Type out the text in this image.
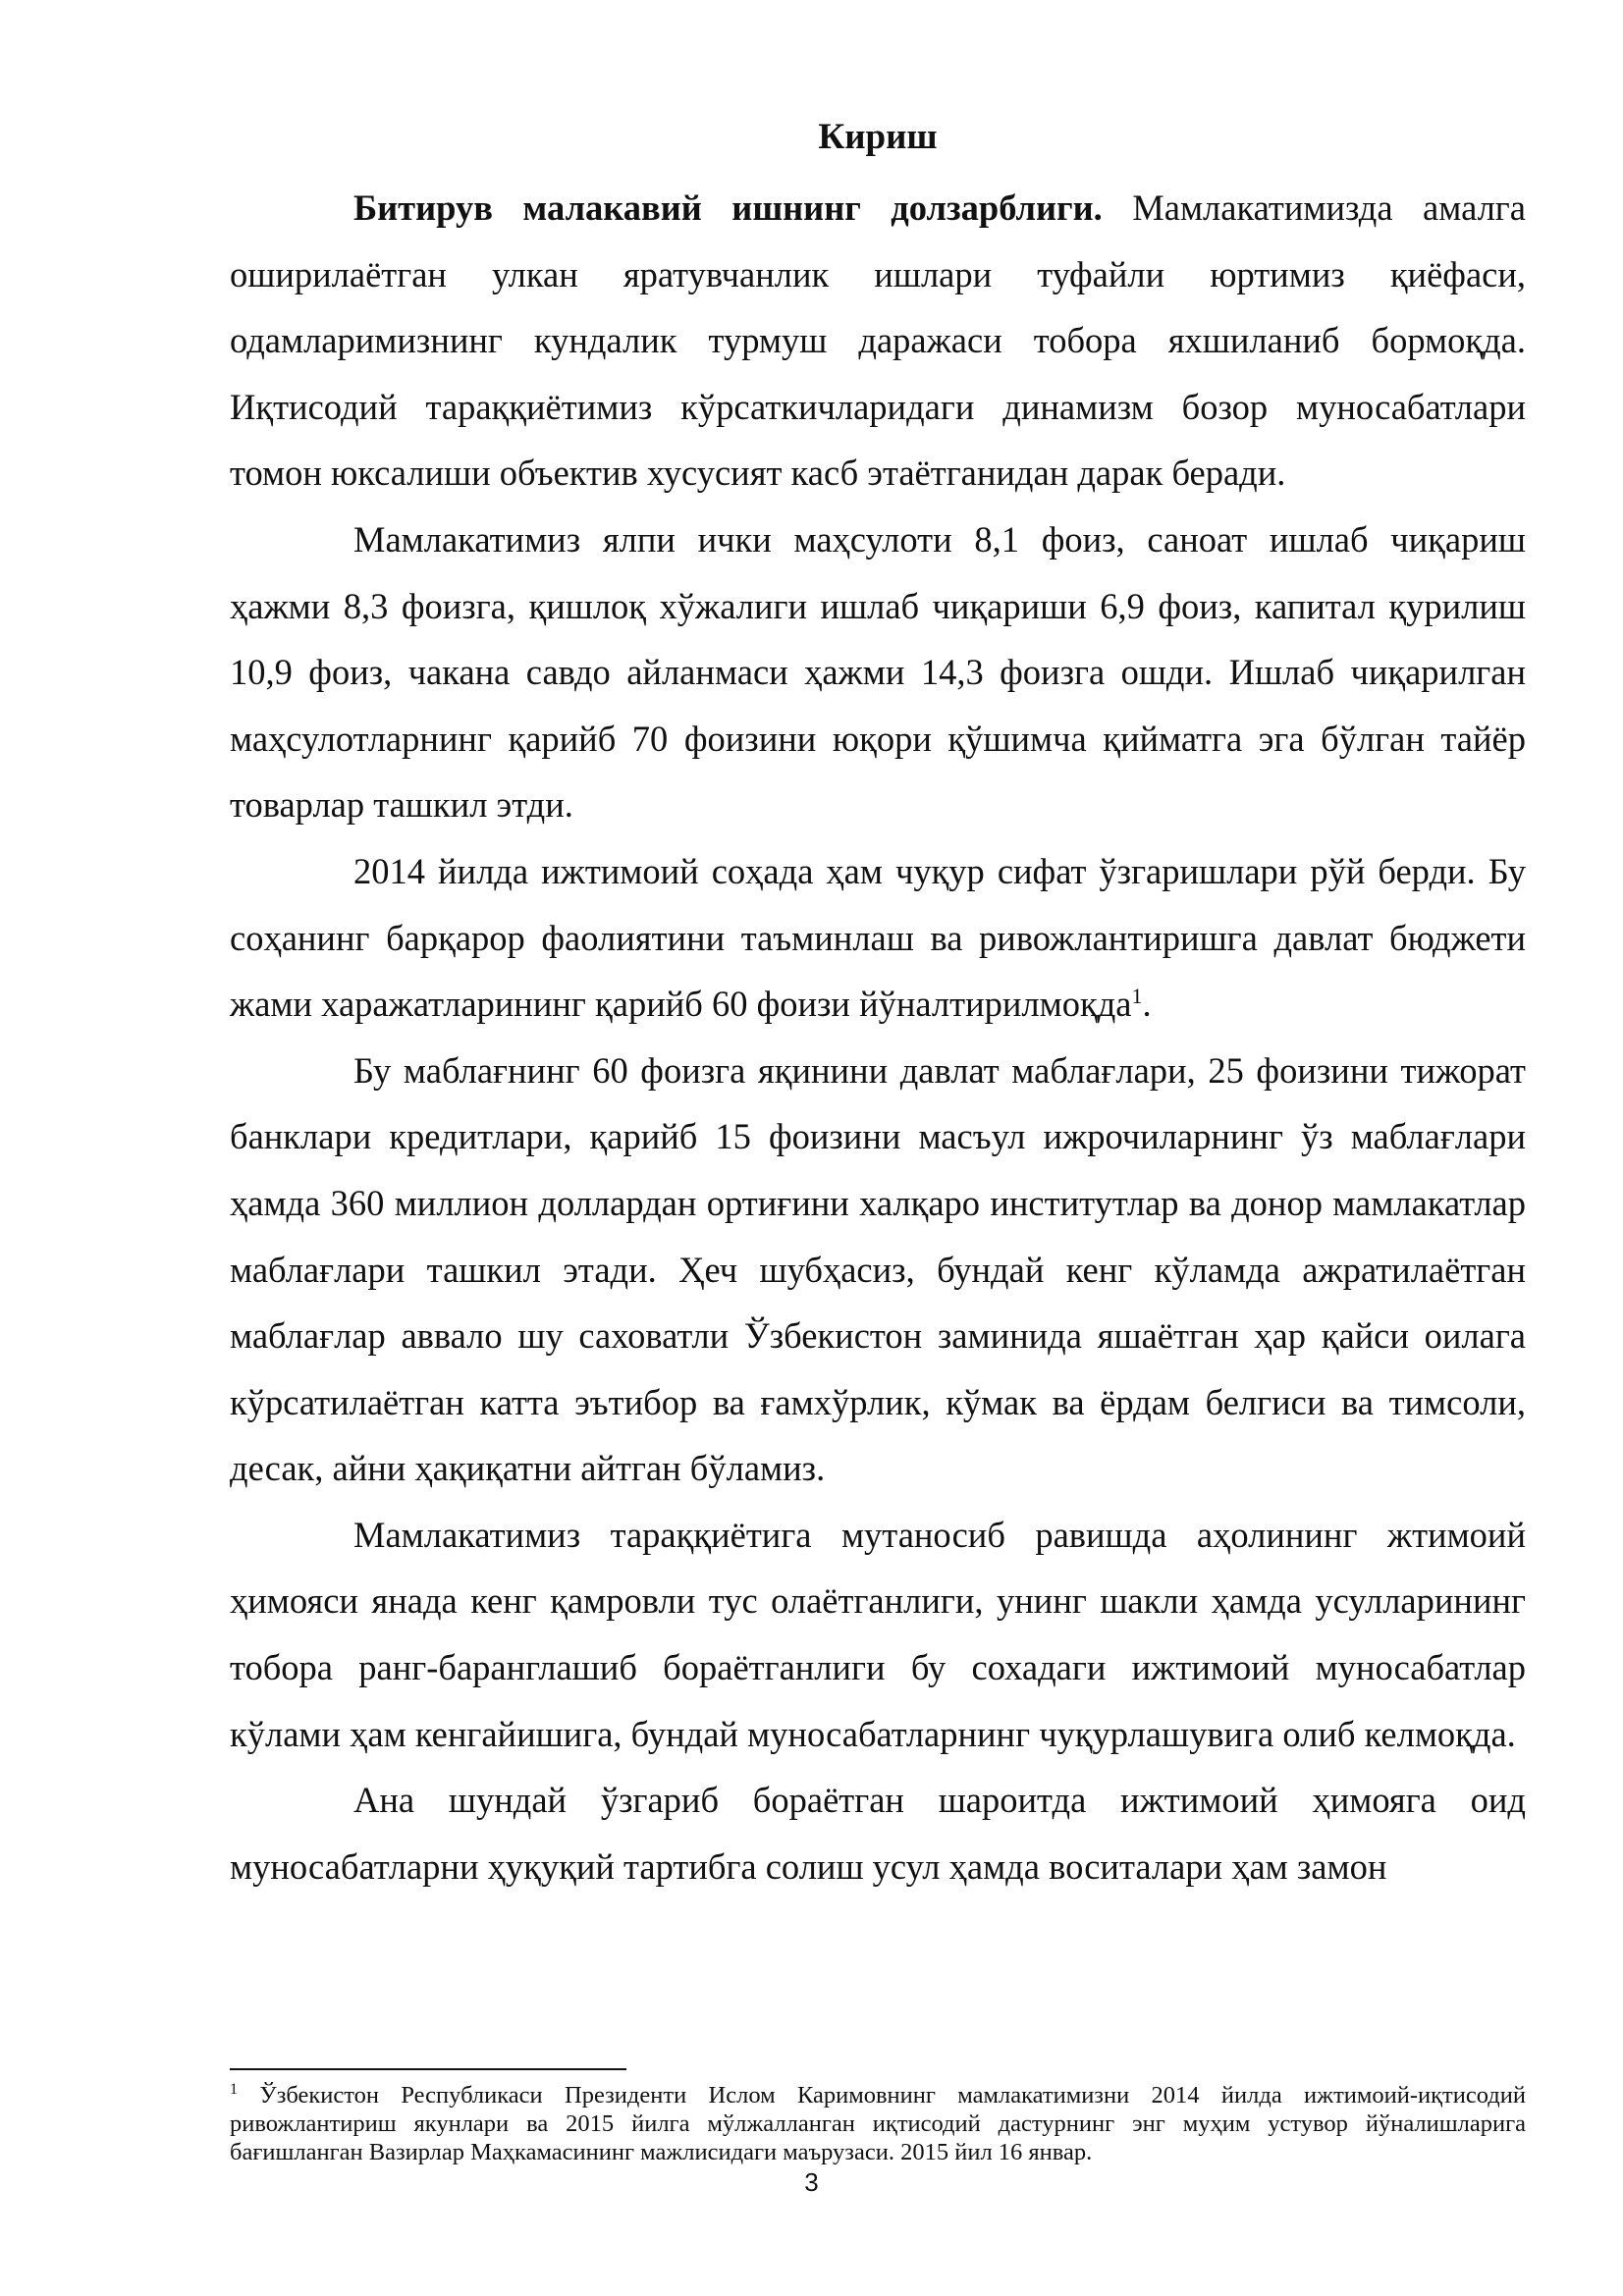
Кириш

Битирув малакавий ишнинг долзарблиги. Мамлакатимизда амалга оширилаётган улкан яратувчанлик ишлари туфайли юртимиз қиёфаси, одамларимизнинг кундалик турмуш даражаси тобора яхшиланиб бормоқда. Иқтисодий тараққиётимиз кўрсаткичларидаги динамизм бозор муносабатлари томон юксалиши объектив хусусият касб этаётганидан дарак беради.

Мамлакатимиз ялпи ички маҳсулоти 8,1 фоиз, саноат ишлаб чиқариш ҳажми 8,3 фоизга, қишлоқ хўжалиги ишлаб чиқариши 6,9 фоиз, капитал қурилиш 10,9 фоиз, чакана савдо айланмаси ҳажми 14,3 фоизга ошди. Ишлаб чиқарилган маҳсулотларнинг қарийб 70 фоизини юқори қўшимча қийматга эга бўлган тайёр товарлар ташкил этди.

2014 йилда ижтимоий соҳада ҳам чуқур сифат ўзгаришлари рўй берди. Бу соҳанинг барқарор фаолиятини таъминлаш ва ривожлантиришга давлат бюджети жами харажатларининг қарийб 60 фоизи йўналтирилмоқда$^1$.

Бу маблағнинг 60 фоизга яқинини давлат маблағлари, 25 фоизини тижорат банклари кредитлари, қарийб 15 фоизини масъул ижрочиларнинг ўз маблағлари ҳамда 360 миллион доллардан ортиғини халқаро институтлар ва донор мамлакатлар маблағлари ташкил этади. Ҳеч шубҳасиз, бундай кенг кўламда ажратилаётган маблағлар аввало шу саховатли Ўзбекистон заминида яшаётган ҳар қайси оилага кўрсатилаётган катта эътибор ва ғамхўрлик, кўмак ва ёрдам белгиси ва тимсоли, десак, айни ҳақиқатни айтган бўламиз.

Мамлакатимиз тараққиётига мутаносиб равишда аҳолининг жтимоий ҳимояси янада кенг қамровли тус олаётганлиги, унинг шакли ҳамда усулларининг тобора ранг-баранглашиб бораётганлиги бу сохадаги ижтимоий муносабатлар кўлами ҳам кенгайишига, бундай муносабатларнинг чуқурлашувига олиб келмоқда.

Ана шундай ўзгариб бораётган шароитда ижтимоий ҳимояга оид муносабатларни ҳуқуқий тартибга солиш усул ҳамда воситалари ҳам замон

$^1$ Ўзбекистон Республикаси Президенти Ислом Каримовнинг мамлакатимизни 2014 йилда ижтимоий-иқтисодий ривожлантириш якунлари ва 2015 йилга мўлжалланган иқтисодий дастурнинг энг муҳим устувор йўналишларига бағишланган Вазирлар Маҳкамасининг мажлисидаги маърузаси. 2015 йил 16 январ.

3
